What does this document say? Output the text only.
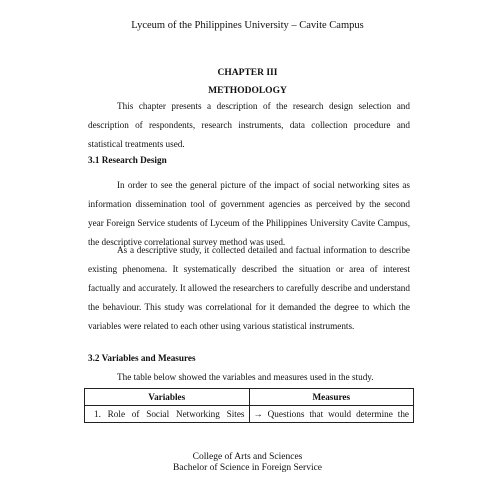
Lyceum of the Philippines University – Cavite Campus
CHAPTER III
METHODOLOGY

This chapter presents a description of the research design selection and description of respondents, research instruments, data collection procedure and statistical treatments used.

3.1 Research Design

In order to see the general picture of the impact of social networking sites as information dissemination tool of government agencies as perceived by the second year Foreign Service students of Lyceum of the Philippines University Cavite Campus, the descriptive correlational survey method was used.

As a descriptive study, it collected detailed and factual information to describe existing phenomena. It systematically described the situation or area of interest factually and accurately. It allowed the researchers to carefully describe and understand the behaviour. This study was correlational for it demanded the degree to which the variables were related to each other using various statistical instruments.

3.2 Variables and Measures
The table below showed the variables and measures used in the study.
Variables	Measures
1. Role of Social Networking Sites	→ Questions that would determine the
College of Arts and Sciences
Bachelor of Science in Foreign Service
